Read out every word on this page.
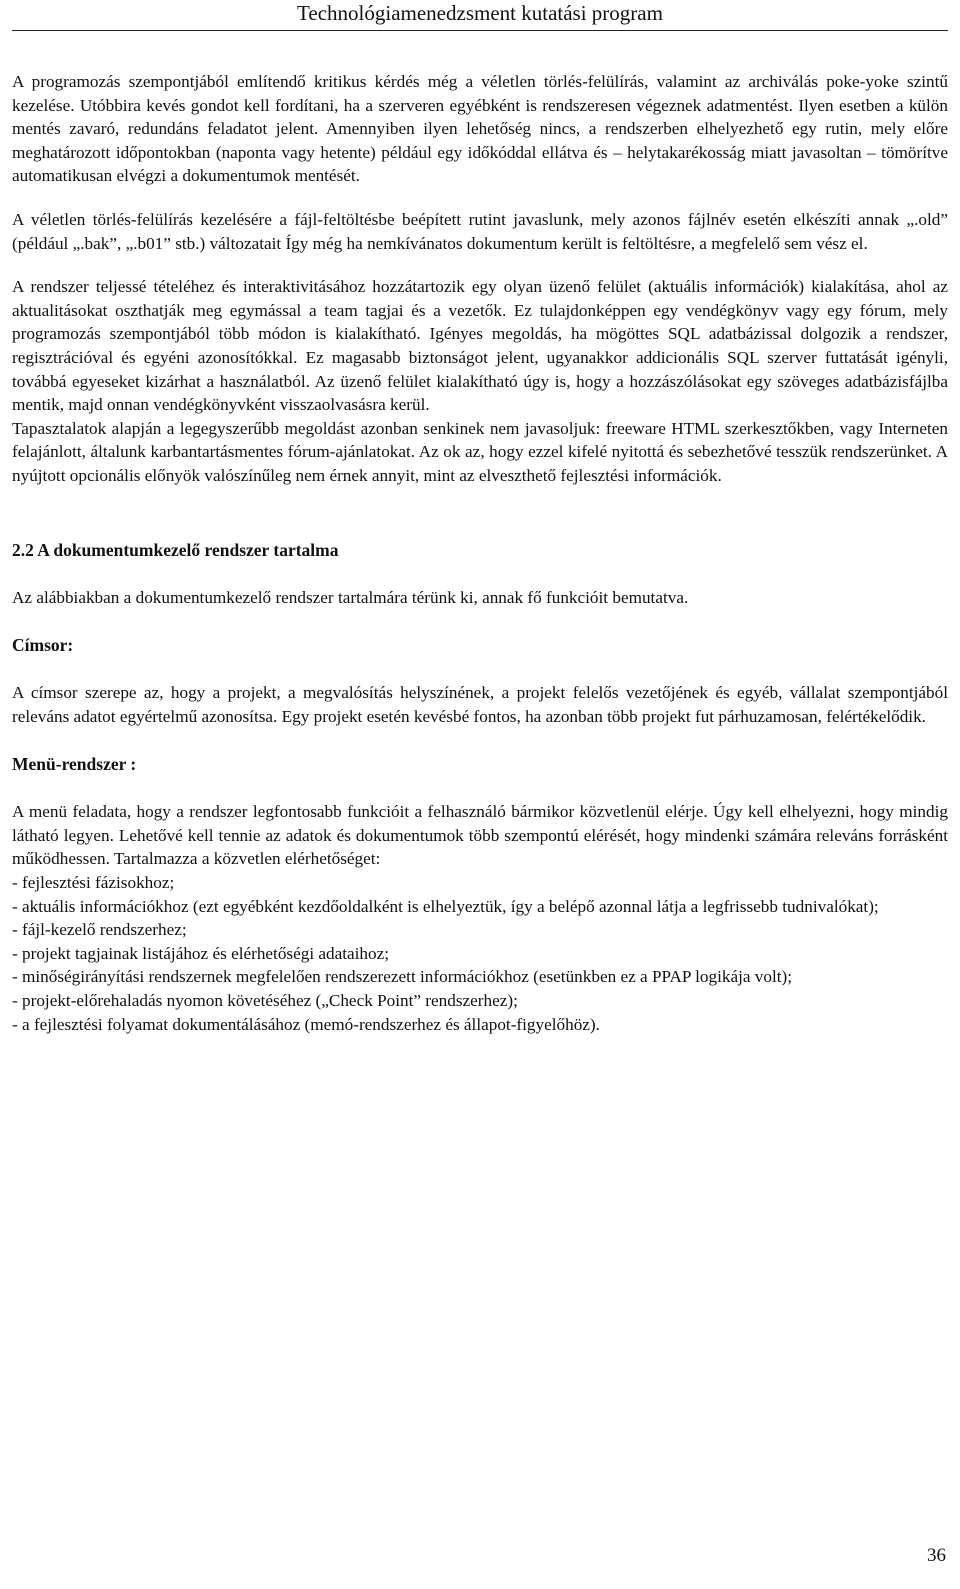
Technológiamenedzsment kutatási program

A programozás szempontjából említendő kritikus kérdés még a véletlen törlés-felülírás, valamint az archiválás poke-yoke szintű kezelése. Utóbbira kevés gondot kell fordítani, ha a szerveren egyébként is rendszeresen végeznek adatmentést. Ilyen esetben a külön mentés zavaró, redundáns feladatot jelent. Amennyiben ilyen lehetőség nincs, a rendszerben elhelyezhető egy rutin, mely előre meghatározott időpontokban (naponta vagy hetente) például egy időkóddal ellátva és – helytakarékosság miatt javasoltan – tömörítve automatikusan elvégzi a dokumentumok mentését.

A véletlen törlés-felülírás kezelésére a fájl-feltöltésbe beépített rutint javaslunk, mely azonos fájlnév esetén elkészíti annak „.old” (például „.bak”, „.b01” stb.) változatait Így még ha nemkívánatos dokumentum került is feltöltésre, a megfelelő sem vész el.

A rendszer teljessé tételéhez és interaktivitásához hozzátartozik egy olyan üzenő felület (aktuális információk) kialakítása, ahol az aktualitásokat oszthatják meg egymással a team tagjai és a vezetők. Ez tulajdonképpen egy vendégkönyv vagy egy fórum, mely programozás szempontjából több módon is kialakítható. Igényes megoldás, ha mögöttes SQL adatbázissal dolgozik a rendszer, regisztrációval és egyéni azonosítókkal. Ez magasabb biztonságot jelent, ugyanakkor addicionális SQL szerver futtatását igényli, továbbá egyeseket kizárhat a használatból. Az üzenő felület kialakítható úgy is, hogy a hozzászólásokat egy szöveges adatbázisfájlba mentik, majd onnan vendégkönyvként visszaolvasásra kerül.

Tapasztalatok alapján a legegyszerűbb megoldást azonban senkinek nem javasoljuk: freeware HTML szerkesztőkben, vagy Interneten felajánlott, általunk karbantartásmentes fórum-ajánlatokat. Az ok az, hogy ezzel kifelé nyitottá és sebezhetővé tesszük rendszerünket. A nyújtott opcionális előnyök valószínűleg nem érnek annyit, mint az elveszthető fejlesztési információk.

2.2 A dokumentumkezelő rendszer tartalma

Az alábbiakban a dokumentumkezelő rendszer tartalmára térünk ki, annak fő funkcióit bemutatva.

Címsor:

A címsor szerepe az, hogy a projekt, a megvalósítás helyszínének, a projekt felelős vezetőjének és egyéb, vállalat szempontjából releváns adatot egyértelmű azonosítsa. Egy projekt esetén kevésbé fontos, ha azonban több projekt fut párhuzamosan, felértékelődik.

Menü-rendszer :

A menü feladata, hogy a rendszer legfontosabb funkcióit a felhasználó bármikor közvetlenül elérje. Úgy kell elhelyezni, hogy mindig látható legyen. Lehetővé kell tennie az adatok és dokumentumok több szempontú elérését, hogy mindenki számára releváns forrásként működhessen. Tartalmazza a közvetlen elérhetőséget:

- fejlesztési fázisokhoz;
- aktuális információkhoz (ezt egyébként kezdőoldalként is elhelyeztük, így a belépő azonnal látja a legfrissebb tudnivalókat);
- fájl-kezelő rendszerhez;
- projekt tagjainak listájához és elérhetőségi adataihoz;
- minőségirányítási rendszernek megfelelően rendszerezett információkhoz (esetünkben ez a PPAP logikája volt);
- projekt-előrehaladás nyomon követéséhez („Check Point” rendszerhez);
- a fejlesztési folyamat dokumentálásához (memó-rendszerhez és állapot-figyelőhöz).
36
